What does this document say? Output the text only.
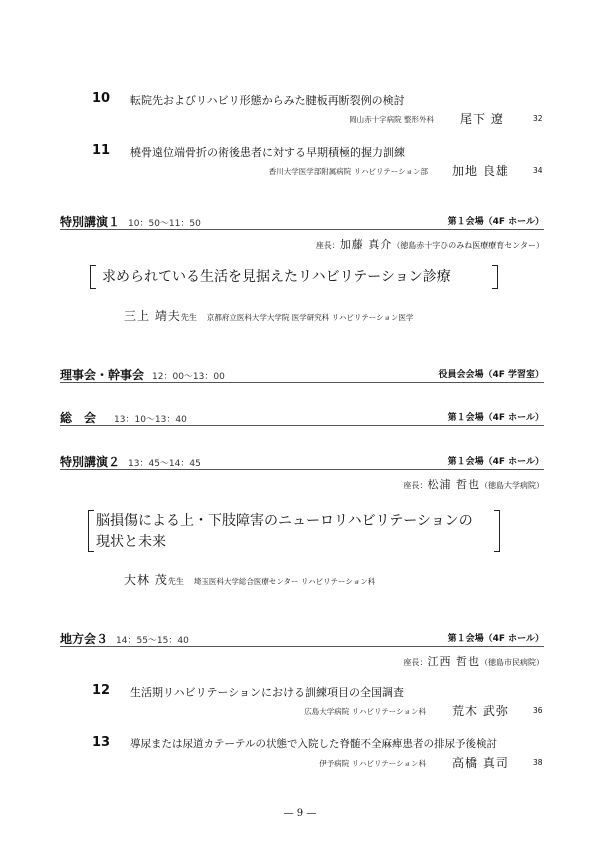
10 転院先およびリハビリ形態からみた腱板再断裂例の検討
岡山赤十字病院 整形外科 尾下 遼	32
11 橈骨遠位端骨折の術後患者に対する早期積極的握力訓練
香川大学医学部附属病院 リハビリテーション部 加地 良雄	34
特別講演１ 10：50〜11：50	第１会場（4F ホール）
座長：加藤 真介（徳島赤十字ひのみね医療療育センター）
求められている生活を見据えたリハビリテーション診療
三上 靖夫先生 京都府立医科大学大学院 医学研究科 リハビリテーション医学
理事会・幹事会 12：00〜13：00	役員会会場（4F 学習室）
総　会 13：10〜13：40	第１会場（4F ホール）
特別講演２ 13：45〜14：45	第１会場（4F ホール）
座長：松浦 哲也（徳島大学病院）
脳損傷による上・下肢障害のニューロリハビリテーションの
現状と未来
大林 茂先生 埼玉医科大学総合医療センター リハビリテーション科
地方会３ 14：55〜15：40	第１会場（4F ホール）
座長：江西 哲也（徳島市民病院）
12 生活期リハビリテーションにおける訓練項目の全国調査
広島大学病院 リハビリテーション科 荒木 武弥	36
13 導尿または尿道カテーテルの状態で入院した脊髄不全麻痺患者の排尿予後検討
伊予病院 リハビリテーション科 高橋 真司	38
— 9 —
